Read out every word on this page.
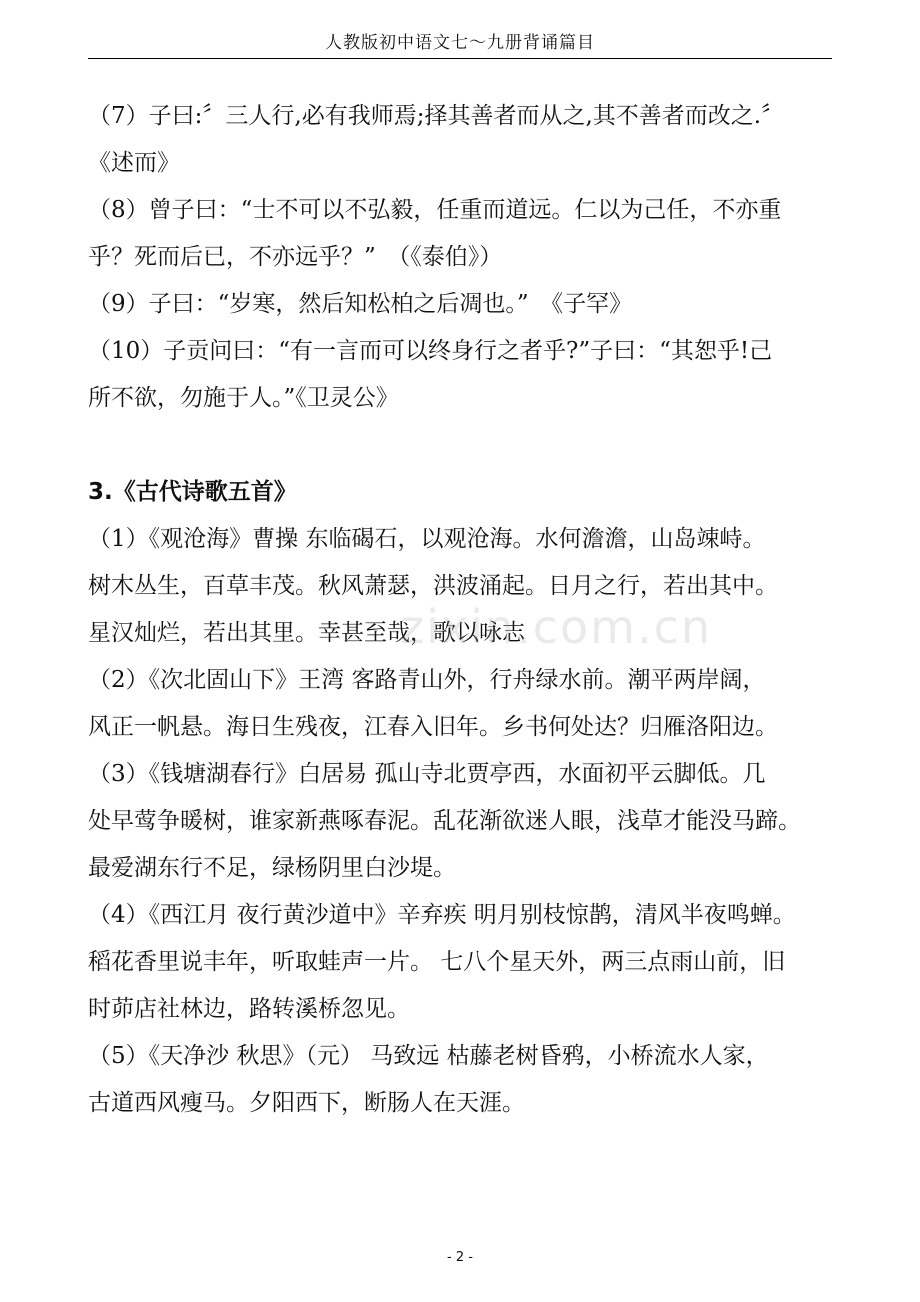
人教版初中语文七～九册背诵篇目
（7）子曰:〞三人行,必有我师焉;择其善者而从之,其不善者而改之.〞
《述而》
（8）曾子曰：“士不可以不弘毅，任重而道远。仁以为己任，不亦重
乎？死而后已，不亦远乎？”　（《泰伯》）
（9）子曰：“岁寒，然后知松柏之后凋也。”　《子罕》
（10）子贡问曰：“有一言而可以终身行之者乎?”子曰：“其恕乎!己
所不欲，勿施于人。”《卫灵公》
3.《古代诗歌五首》
（1）《观沧海》曹操 东临碣石，以观沧海。水何澹澹，山岛竦峙。
树木丛生，百草丰茂。秋风萧瑟，洪波涌起。日月之行，若出其中。
星汉灿烂，若出其里。幸甚至哉，歌以咏志
（2）《次北固山下》王湾 客路青山外，行舟绿水前。潮平两岸阔，
风正一帆悬。海日生残夜，江春入旧年。乡书何处达？归雁洛阳边。
（3）《钱塘湖春行》白居易 孤山寺北贾亭西，水面初平云脚低。几
处早莺争暖树，谁家新燕啄春泥。乱花渐欲迷人眼，浅草才能没马蹄。
最爱湖东行不足，绿杨阴里白沙堤。
（4）《西江月 夜行黄沙道中》辛弃疾 明月别枝惊鹊，清风半夜鸣蝉。
稻花香里说丰年，听取蛙声一片。 七八个星天外，两三点雨山前，旧
时茆店社林边，路转溪桥忽见。
（5）《天净沙 秋思》（元） 马致远 枯藤老树昏鸦，小桥流水人家，
古道西风瘦马。夕阳西下，断肠人在天涯。
zixin.com.cn
- 2 -
